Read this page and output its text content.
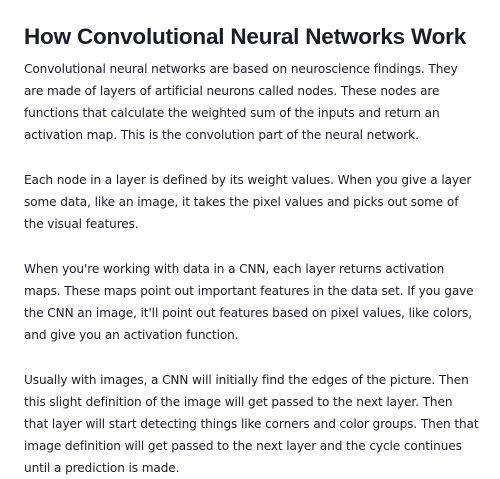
How Convolutional Neural Networks Work

Convolutional neural networks are based on neuroscience findings. They are made of layers of artificial neurons called nodes. These nodes are functions that calculate the weighted sum of the inputs and return an activation map. This is the convolution part of the neural network.

Each node in a layer is defined by its weight values. When you give a layer some data, like an image, it takes the pixel values and picks out some of the visual features.

When you're working with data in a CNN, each layer returns activation maps. These maps point out important features in the data set. If you gave the CNN an image, it'll point out features based on pixel values, like colors, and give you an activation function.

Usually with images, a CNN will initially find the edges of the picture. Then this slight definition of the image will get passed to the next layer. Then that layer will start detecting things like corners and color groups. Then that image definition will get passed to the next layer and the cycle continues until a prediction is made.
